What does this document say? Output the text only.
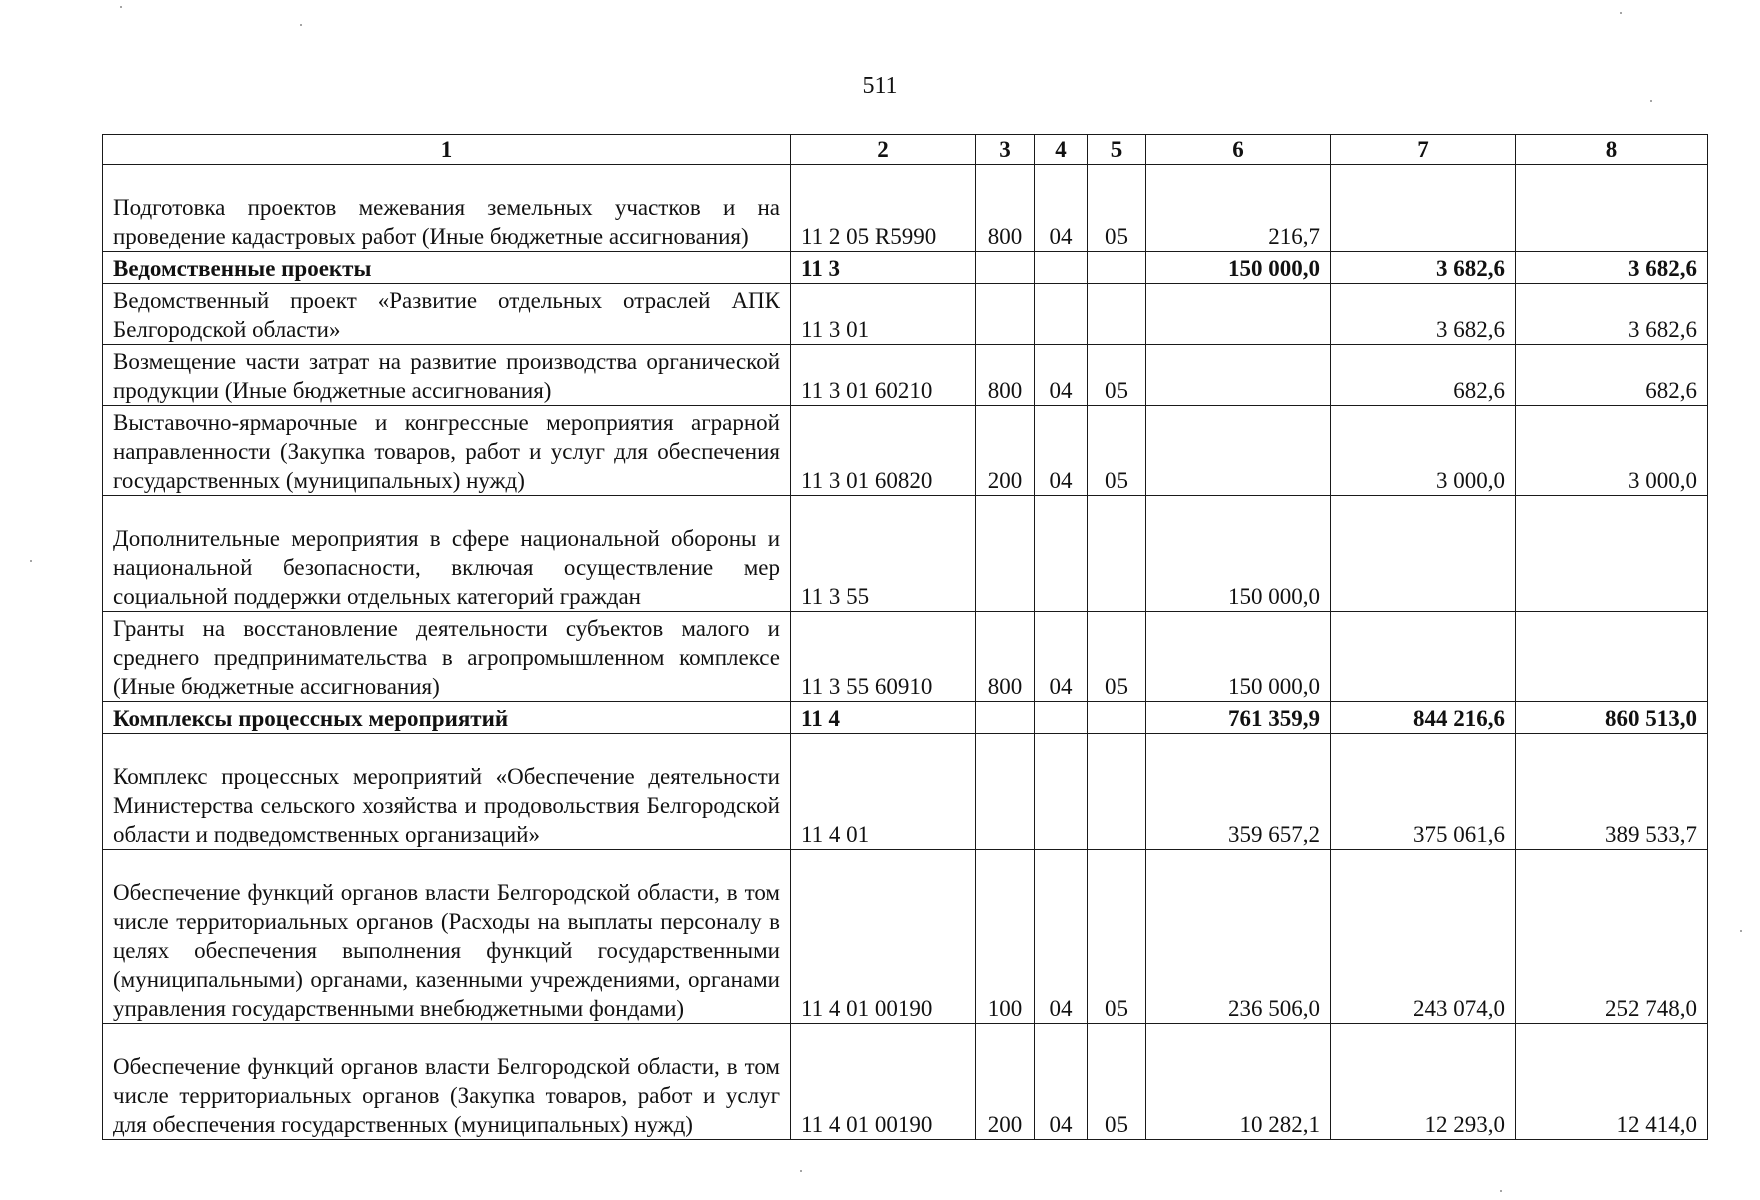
511
1	2	3	4	5	6	7	8
Подготовка проектов межевания земельных участков и на проведение кадастровых работ (Иные бюджетные ассигнования)	11 2 05 R5990	800	04	05	216,7		
Ведомственные проекты	11 3				150 000,0	3 682,6	3 682,6
Ведомственный проект «Развитие отдельных отраслей АПК Белгородской области»	11 3 01					3 682,6	3 682,6
Возмещение части затрат на развитие производства органической продукции (Иные бюджетные ассигнования)	11 3 01 60210	800	04	05		682,6	682,6
Выставочно-ярмарочные и конгрессные мероприятия аграрной направленности (Закупка товаров, работ и услуг для обеспечения государственных (муниципальных) нужд)	11 3 01 60820	200	04	05		3 000,0	3 000,0
Дополнительные мероприятия в сфере национальной обороны и национальной безопасности, включая осуществление мер социальной поддержки отдельных категорий граждан	11 3 55				150 000,0		
Гранты на восстановление деятельности субъектов малого и среднего предпринимательства в агропромышленном комплексе (Иные бюджетные ассигнования)	11 3 55 60910	800	04	05	150 000,0		
Комплексы процессных мероприятий	11 4				761 359,9	844 216,6	860 513,0
Комплекс процессных мероприятий «Обеспечение деятельности Министерства сельского хозяйства и продовольствия Белгородской области и подведомственных организаций»	11 4 01				359 657,2	375 061,6	389 533,7
Обеспечение функций органов власти Белгородской области, в том числе территориальных органов (Расходы на выплаты персоналу в целях обеспечения выполнения функций государственными (муниципальными) органами, казенными учреждениями, органами управления государственными внебюджетными фондами)	11 4 01 00190	100	04	05	236 506,0	243 074,0	252 748,0
Обеспечение функций органов власти Белгородской области, в том числе территориальных органов (Закупка товаров, работ и услуг для обеспечения государственных (муниципальных) нужд)	11 4 01 00190	200	04	05	10 282,1	12 293,0	12 414,0
